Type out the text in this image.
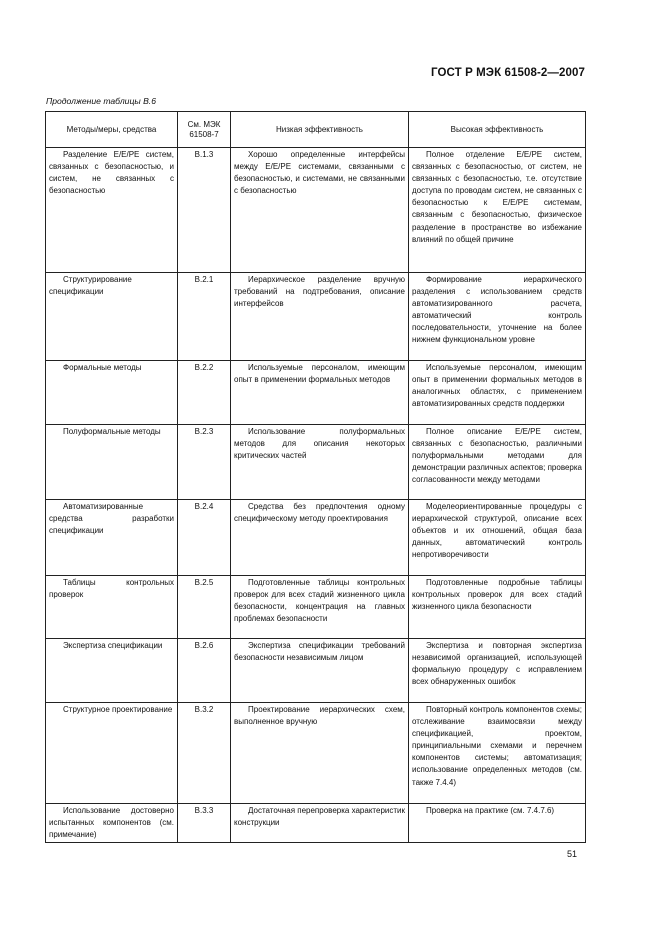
ГОСТ Р МЭК 61508-2—2007
Продолжение таблицы В.6
Методы/меры, средства	См. МЭК 61508-7	Низкая эффективность	Высокая эффективность
Разделение Е/Е/РЕ систем, связанных с безопасностью, и систем, не связанных с безопасностью	В.1.3	Хорошо определенные интерфейсы между Е/Е/РЕ системами, связанными с безопасностью, и системами, не связанными с безопасностью	Полное отделение Е/Е/РЕ систем, связанных с безопасностью, от систем, не связанных с безопасностью, т.е. отсутствие доступа по проводам систем, не связанных с безопасностью к Е/Е/РЕ системам, связанным с безопасностью, физическое разделение в пространстве во избежание влияний по общей причине
Структурирование спецификации	В.2.1	Иерархическое разделение вручную требований на подтребования, описание интерфейсов	Формирование иерархического разделения с использованием средств автоматизированного расчета, автоматический контроль последовательности, уточнение на более нижнем функциональном уровне
Формальные методы	В.2.2	Используемые персоналом, имеющим опыт в применении формальных методов	Используемые персоналом, имеющим опыт в применении формальных методов в аналогичных областях, с применением автоматизированных средств поддержки
Полуформальные методы	В.2.3	Использование полуформальных методов для описания некоторых критических частей	Полное описание Е/Е/РЕ систем, связанных с безопасностью, различными полуформальными методами для демонстрации различных аспектов; проверка согласованности между методами
Автоматизированные средства разработки спецификации	В.2.4	Средства без предпочтения одному специфическому методу проектирования	Моделеориентированные процедуры с иерархической структурой, описание всех объектов и их отношений, общая база данных, автоматический контроль непротиворечивости
Таблицы контрольных проверок	В.2.5	Подготовленные таблицы контрольных проверок для всех стадий жизненного цикла безопасности, концентрация на главных проблемах безопасности	Подготовленные подробные таблицы контрольных проверок для всех стадий жизненного цикла безопасности
Экспертиза спецификации	В.2.6	Экспертиза спецификации требований безопасности независимым лицом	Экспертиза и повторная экспертиза независимой организацией, использующей формальную процедуру с исправлением всех обнаруженных ошибок
Структурное проектирование	В.3.2	Проектирование иерархических схем, выполненное вручную	Повторный контроль компонентов схемы; отслеживание взаимосвязи между спецификацией, проектом, принципиальными схемами и перечнем компонентов системы; автоматизация; использование определенных методов (см. также 7.4.4)
Использование достоверно испытанных компонентов (см. примечание)	В.3.3	Достаточная перепроверка характеристик конструкции	Проверка на практике (см. 7.4.7.6)
51
